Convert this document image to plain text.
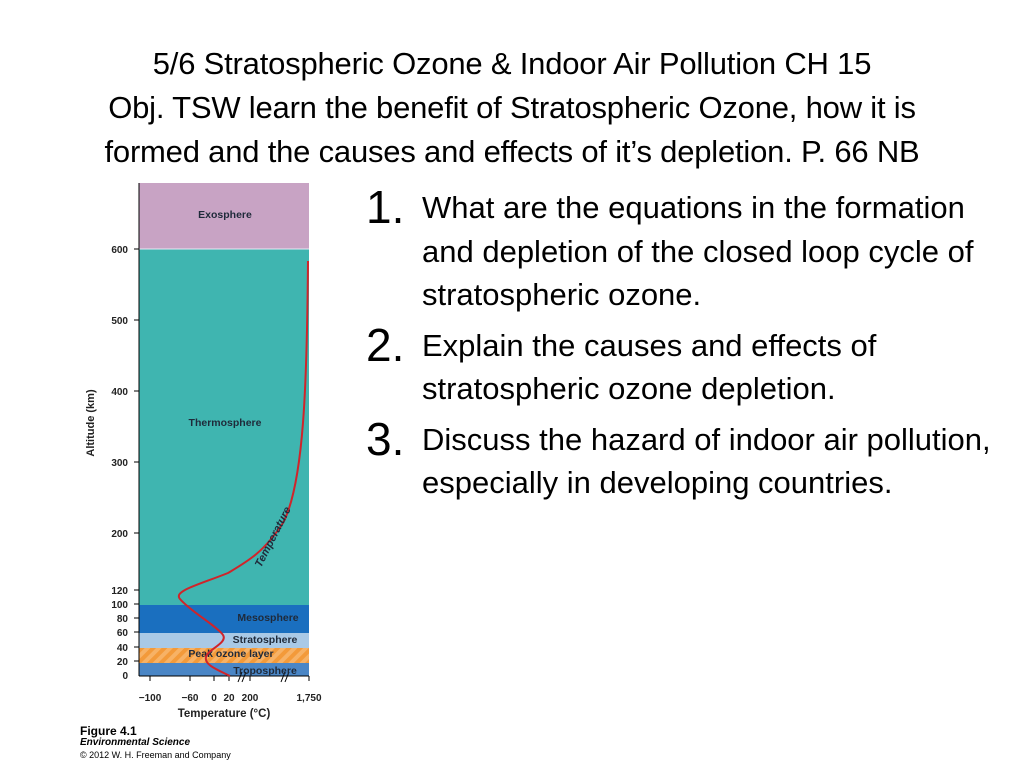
5/6 Stratospheric Ozone & Indoor Air Pollution CH 15
Obj. TSW learn the benefit of Stratospheric Ozone, how it is
formed and the causes and effects of it’s depletion. P. 66 NB
600
500
400
300
200
120
100
80
60
40
20
0
Altitude (km)
−100 −60 0 20 200	1,750
Temperature (°C)
Exosphere
Thermosphere
Mesosphere
Stratosphere
Peak ozone layer
Troposphere
Temperature
Figure 4.1
Environmental Science
© 2012 W. H. Freeman and Company
1. What are the equations in the formation and depletion of the closed loop cycle of stratospheric ozone.
2. Explain the causes and effects of stratospheric ozone depletion.
3. Discuss the hazard of indoor air pollution, especially in developing countries.
